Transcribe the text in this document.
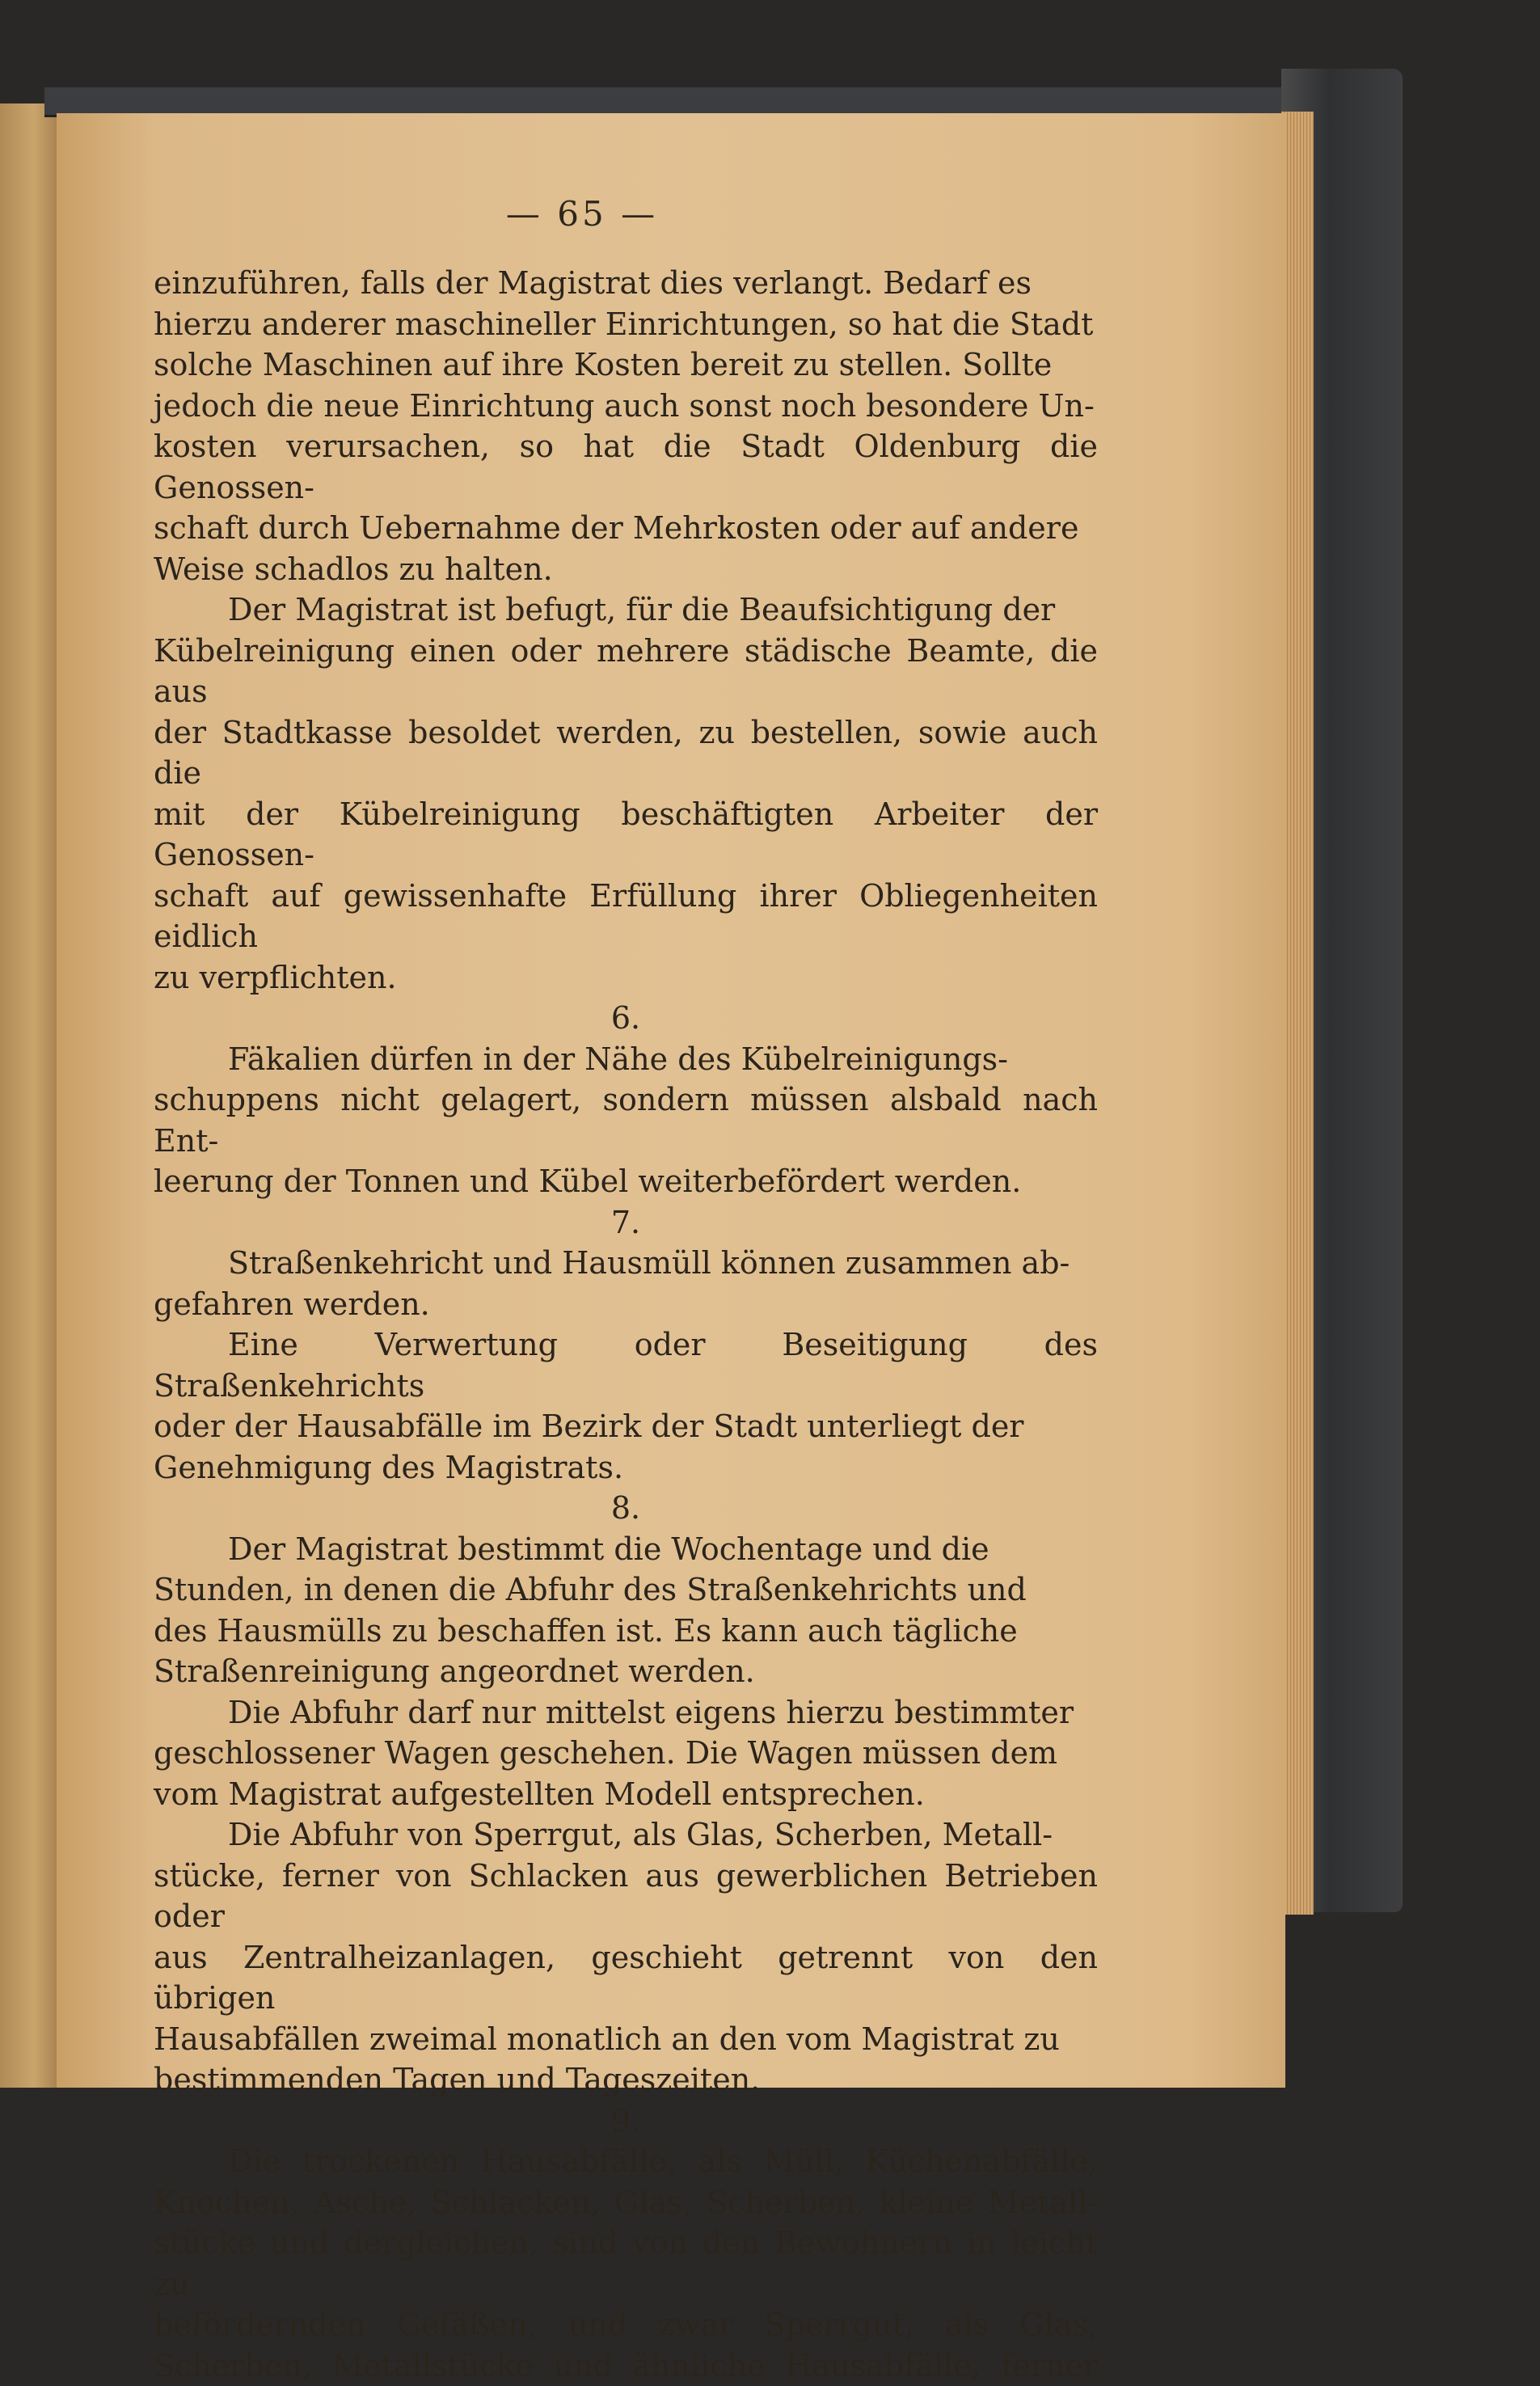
— 65 —

einzuführen, falls der Magistrat dies verlangt. Bedarf es
hierzu anderer maschineller Einrichtungen, so hat die Stadt
solche Maschinen auf ihre Kosten bereit zu stellen. Sollte
jedoch die neue Einrichtung auch sonst noch besondere Un-
kosten verursachen, so hat die Stadt Oldenburg die Genossen-
schaft durch Uebernahme der Mehrkosten oder auf andere
Weise schadlos zu halten.

Der Magistrat ist befugt, für die Beaufsichtigung der
Kübelreinigung einen oder mehrere städische Beamte, die aus
der Stadtkasse besoldet werden, zu bestellen, sowie auch die
mit der Kübelreinigung beschäftigten Arbeiter der Genossen-
schaft auf gewissenhafte Erfüllung ihrer Obliegenheiten eidlich
zu verpflichten.

6.

Fäkalien dürfen in der Nähe des Kübelreinigungs-
schuppens nicht gelagert, sondern müssen alsbald nach Ent-
leerung der Tonnen und Kübel weiterbefördert werden.

7.

Straßenkehricht und Hausmüll können zusammen ab-
gefahren werden.

Eine Verwertung oder Beseitigung des Straßenkehrichts
oder der Hausabfälle im Bezirk der Stadt unterliegt der
Genehmigung des Magistrats.

8.

Der Magistrat bestimmt die Wochentage und die
Stunden, in denen die Abfuhr des Straßenkehrichts und
des Hausmülls zu beschaffen ist. Es kann auch tägliche
Straßenreinigung angeordnet werden.

Die Abfuhr darf nur mittelst eigens hierzu bestimmter
geschlossener Wagen geschehen. Die Wagen müssen dem
vom Magistrat aufgestellten Modell entsprechen.

Die Abfuhr von Sperrgut, als Glas, Scherben, Metall-
stücke, ferner von Schlacken aus gewerblichen Betrieben oder
aus Zentralheizanlagen, geschieht getrennt von den übrigen
Hausabfällen zweimal monatlich an den vom Magistrat zu
bestimmenden Tagen und Tageszeiten.

9.

Die trockenen Hausabfälle, als Müll, Küchenabfälle,
Knochen, Asche, Schlacken, Glas, Scherben, kleine Metall-
stücke und dergleichen, sind von den Bewohnern in leicht zu
befördernden Gefäßen, und zwar Sperrgut, als Glas,
Scherben, Metallstücke und ähnliche Hausabfälle, ferner
